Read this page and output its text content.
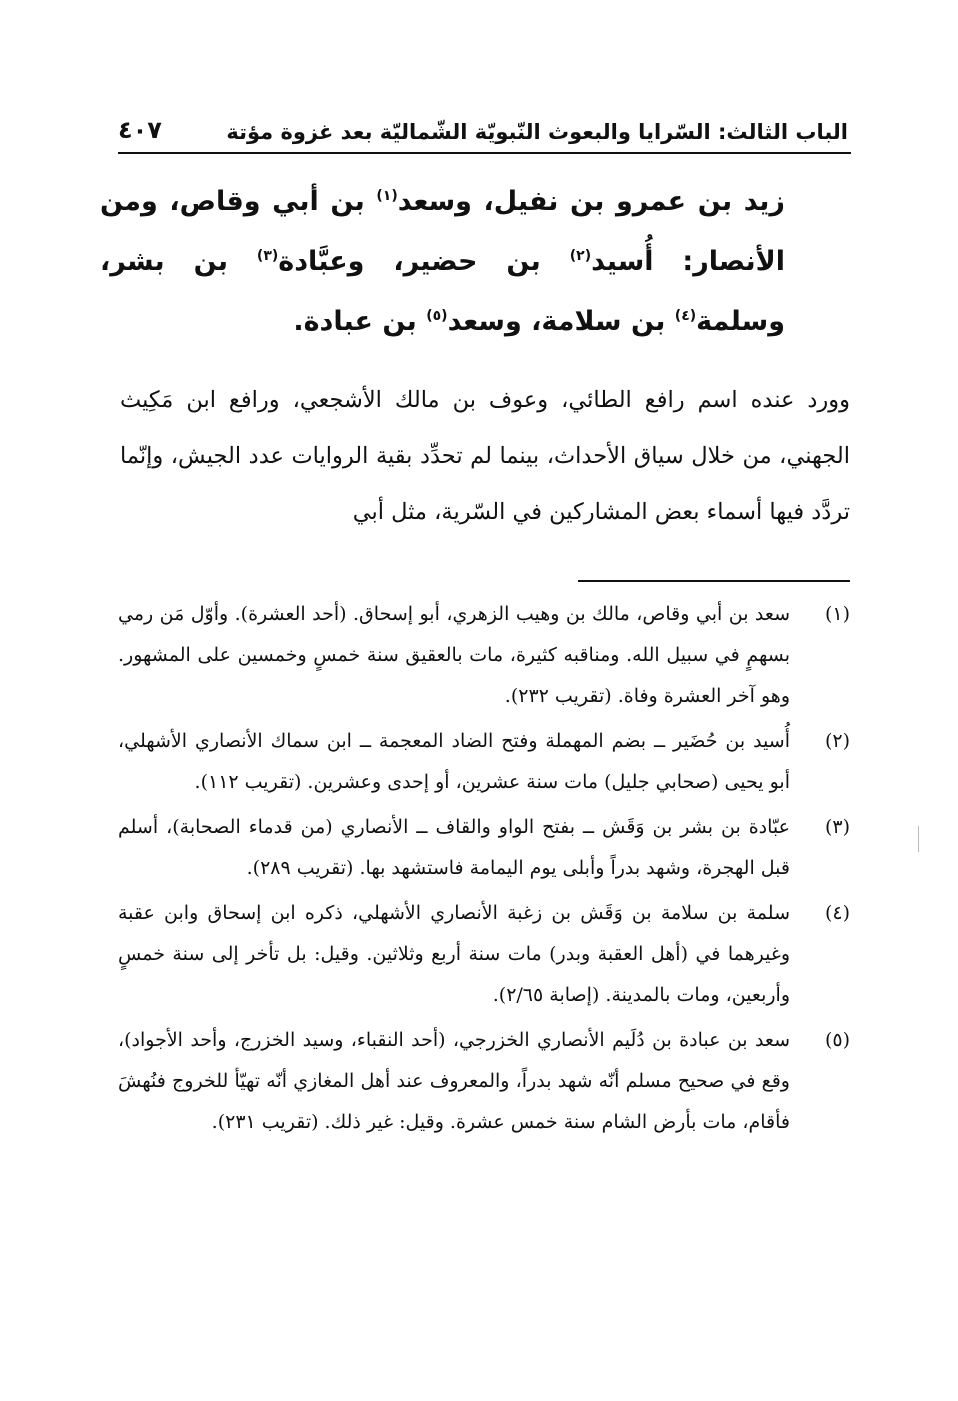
الباب الثالث: السّرايا والبعوث النّبويّة الشّماليّة بعد غزوة مؤتة
٤٠٧

زيد بن عمرو بن نفيل، وسعد$^{(١)}$ بن أبي وقاص، ومن الأنصار: أُسيد$^{(٢)}$ بن حضير، وعبَّادة$^{(٣)}$ بن بشر، وسلمة$^{(٤)}$ بن سلامة، وسعد$^{(٥)}$ بن عبادة.

وورد عنده اسم رافع الطائي، وعوف بن مالك الأشجعي، ورافع ابن مَكِيث الجهني، من خلال سياق الأحداث، بينما لم تحدِّد بقية الروايات عدد الجيش، وإنّما تردَّد فيها أسماء بعض المشاركين في السّرية، مثل أبي

(١)
سعد بن أبي وقاص، مالك بن وهيب الزهري، أبو إسحاق. (أحد العشرة). وأوّل مَن رمي بسهمٍ في سبيل الله. ومناقبه كثيرة، مات بالعقيق سنة خمسٍ وخمسين على المشهور. وهو آخر العشرة وفاة. (تقريب ٢٣٢).
(٢)
أُسيد بن حُضَير ــ بضم المهملة وفتح الضاد المعجمة ــ ابن سماك الأنصاري الأشهلي، أبو يحيى (صحابي جليل) مات سنة عشرين، أو إحدى وعشرين. (تقريب ١١٢).
(٣)
عبّادة بن بشر بن وَقَش ــ بفتح الواو والقاف ــ الأنصاري (من قدماء الصحابة)، أسلم قبل الهجرة، وشهد بدراً وأبلى يوم اليمامة فاستشهد بها. (تقريب ٢٨٩).
(٤)
سلمة بن سلامة بن وَقَش بن زغبة الأنصاري الأشهلي، ذكره ابن إسحاق وابن عقبة وغيرهما في (أهل العقبة وبدر) مات سنة أربع وثلاثين. وقيل: بل تأخر إلى سنة خمسٍ وأربعين، ومات بالمدينة. (إصابة ٢/٦٥).
(٥)
سعد بن عبادة بن دُلَيم الأنصاري الخزرجي، (أحد النقباء، وسيد الخزرج، وأحد الأجواد)، وقع في صحيح مسلم أنّه شهد بدراً، والمعروف عند أهل المغازي أنّه تهيّأ للخروج فنُهشَ فأقام، مات بأرض الشام سنة خمس عشرة. وقيل: غير ذلك. (تقريب ٢٣١).
